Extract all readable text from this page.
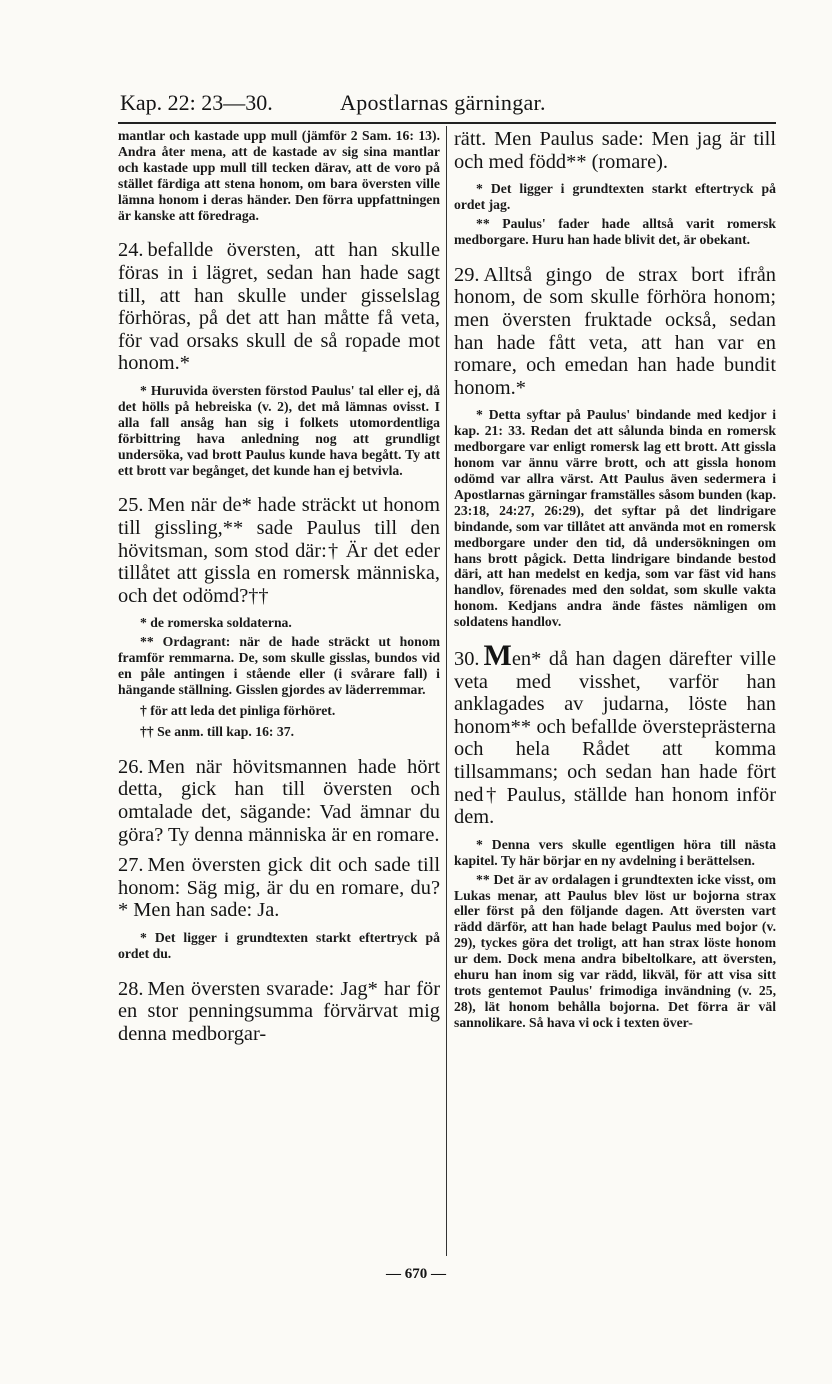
Kap. 22: 23—30.	Apostlarnas gärningar.

mantlar och kastade upp mull (jämför 2 Sam. 16: 13). Andra åter mena, att de kastade av sig sina mantlar och kastade upp mull till tecken därav, att de voro på stället färdiga att stena honom, om bara översten ville lämna honom i deras händer. Den förra uppfattningen är kanske att föredraga.

24. befallde översten, att han skulle föras in i lägret, sedan han hade sagt till, att han skulle under gisselslag förhöras, på det att han måtte få veta, för vad orsaks skull de så ropade mot honom.*

* Huruvida översten förstod Paulus' tal eller ej, då det hölls på hebreiska (v. 2), det må lämnas ovisst. I alla fall ansåg han sig i folkets utomordentliga förbittring hava anledning nog att grundligt undersöka, vad brott Paulus kunde hava begått. Ty att ett brott var begånget, det kunde han ej betvivla.

25. Men när de* hade sträckt ut honom till gissling,** sade Paulus till den hövitsman, som stod där:† Är det eder tillåtet att gissla en romersk människa, och det odömd?††

* de romerska soldaterna.

** Ordagrant: när de hade sträckt ut honom framför remmarna. De, som skulle gisslas, bundos vid en påle antingen i stående eller (i svårare fall) i hängande ställning. Gisslen gjordes av läderremmar.

† för att leda det pinliga förhöret.

†† Se anm. till kap. 16: 37.

26. Men när hövitsmannen hade hört detta, gick han till översten och omtalade det, sägande: Vad ämnar du göra? Ty denna människa är en romare.

27. Men översten gick dit och sade till honom: Säg mig, är du en romare, du?* Men han sade: Ja.

* Det ligger i grundtexten starkt eftertryck på ordet du.

28. Men översten svarade: Jag* har för en stor penningsumma förvärvat mig denna medborgar-

rätt. Men Paulus sade: Men jag är till och med född** (romare).

* Det ligger i grundtexten starkt eftertryck på ordet jag.

** Paulus' fader hade alltså varit romersk medborgare. Huru han hade blivit det, är obekant.

29. Alltså gingo de strax bort ifrån honom, de som skulle förhöra honom; men översten fruktade också, sedan han hade fått veta, att han var en romare, och emedan han hade bundit honom.*

* Detta syftar på Paulus' bindande med kedjor i kap. 21: 33. Redan det att sålunda binda en romersk medborgare var enligt romersk lag ett brott. Att gissla honom var ännu värre brott, och att gissla honom odömd var allra värst. Att Paulus även sedermera i Apostlarnas gärningar framställes såsom bunden (kap. 23:18, 24:27, 26:29), det syftar på det lindrigare bindande, som var tillåtet att använda mot en romersk medborgare under den tid, då undersökningen om hans brott pågick. Detta lindrigare bindande bestod däri, att han medelst en kedja, som var fäst vid hans handlov, förenades med den soldat, som skulle vakta honom. Kedjans andra ände fästes nämligen om soldatens handlov.

30. Men* då han dagen därefter ville veta med visshet, varför han anklagades av judarna, löste han honom** och befallde översteprästerna och hela Rådet att komma tillsammans; och sedan han hade fört ned† Paulus, ställde han honom inför dem.

* Denna vers skulle egentligen höra till nästa kapitel. Ty här börjar en ny avdelning i berättelsen.

** Det är av ordalagen i grundtexten icke visst, om Lukas menar, att Paulus blev löst ur bojorna strax eller först på den följande dagen. Att översten vart rädd därför, att han hade belagt Paulus med bojor (v. 29), tyckes göra det troligt, att han strax löste honom ur dem. Dock mena andra bibeltolkare, att översten, ehuru han inom sig var rädd, likväl, för att visa sitt trots gentemot Paulus' frimodiga invändning (v. 25, 28), lät honom behålla bojorna. Det förra är väl sannolikare. Så hava vi ock i texten över-

— 670 —
